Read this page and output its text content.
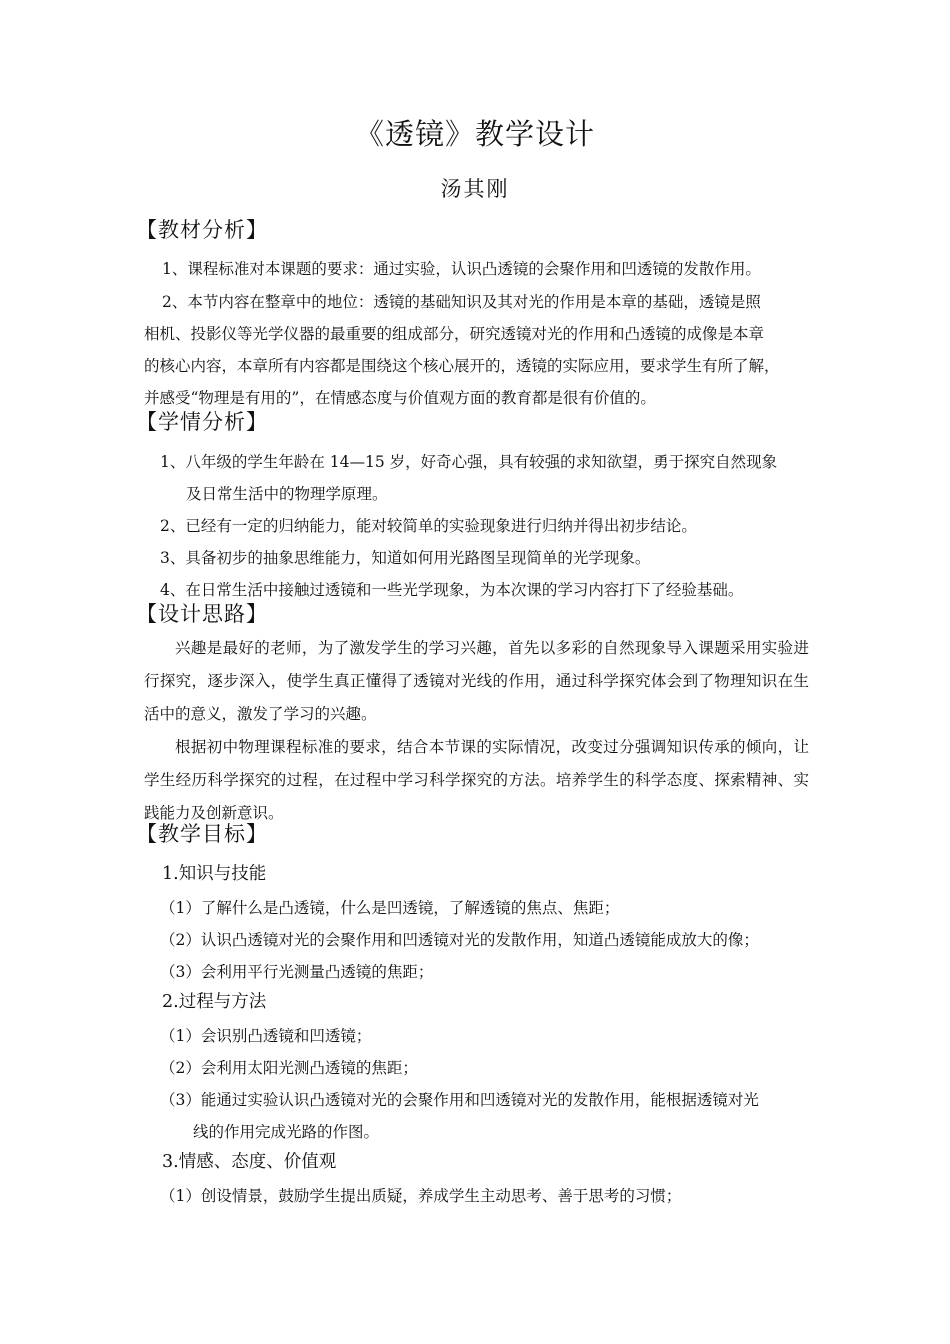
《透镜》教学设计
汤其刚
【教材分析】
1、课程标准对本课题的要求：通过实验，认识凸透镜的会聚作用和凹透镜的发散作用。
2、本节内容在整章中的地位：透镜的基础知识及其对光的作用是本章的基础，透镜是照
相机、投影仪等光学仪器的最重要的组成部分，研究透镜对光的作用和凸透镜的成像是本章
的核心内容，本章所有内容都是围绕这个核心展开的，透镜的实际应用，要求学生有所了解，
并感受“物理是有用的”，在情感态度与价值观方面的教育都是很有价值的。
【学情分析】
1、八年级的学生年龄在 14—15 岁，好奇心强，具有较强的求知欲望，勇于探究自然现象
及日常生活中的物理学原理。
2、已经有一定的归纳能力，能对较简单的实验现象进行归纳并得出初步结论。
3、具备初步的抽象思维能力，知道如何用光路图呈现简单的光学现象。
4、在日常生活中接触过透镜和一些光学现象，为本次课的学习内容打下了经验基础。
【设计思路】
兴趣是最好的老师，为了激发学生的学习兴趣，首先以多彩的自然现象导入课题采用实验进行探究，逐步深入，使学生真正懂得了透镜对光线的作用，通过科学探究体会到了物理知识在生活中的意义，激发了学习的兴趣。
根据初中物理课程标准的要求，结合本节课的实际情况，改变过分强调知识传承的倾向，让学生经历科学探究的过程，在过程中学习科学探究的方法。培养学生的科学态度、探索精神、实践能力及创新意识。
【教学目标】
1.知识与技能
（1）了解什么是凸透镜，什么是凹透镜，了解透镜的焦点、焦距；
（2）认识凸透镜对光的会聚作用和凹透镜对光的发散作用，知道凸透镜能成放大的像；
（3）会利用平行光测量凸透镜的焦距；
2.过程与方法
（1）会识别凸透镜和凹透镜；
（2）会利用太阳光测凸透镜的焦距；
（3）能通过实验认识凸透镜对光的会聚作用和凹透镜对光的发散作用，能根据透镜对光
线的作用完成光路的作图。
3.情感、态度、价值观
（1）创设情景，鼓励学生提出质疑，养成学生主动思考、善于思考的习惯；
